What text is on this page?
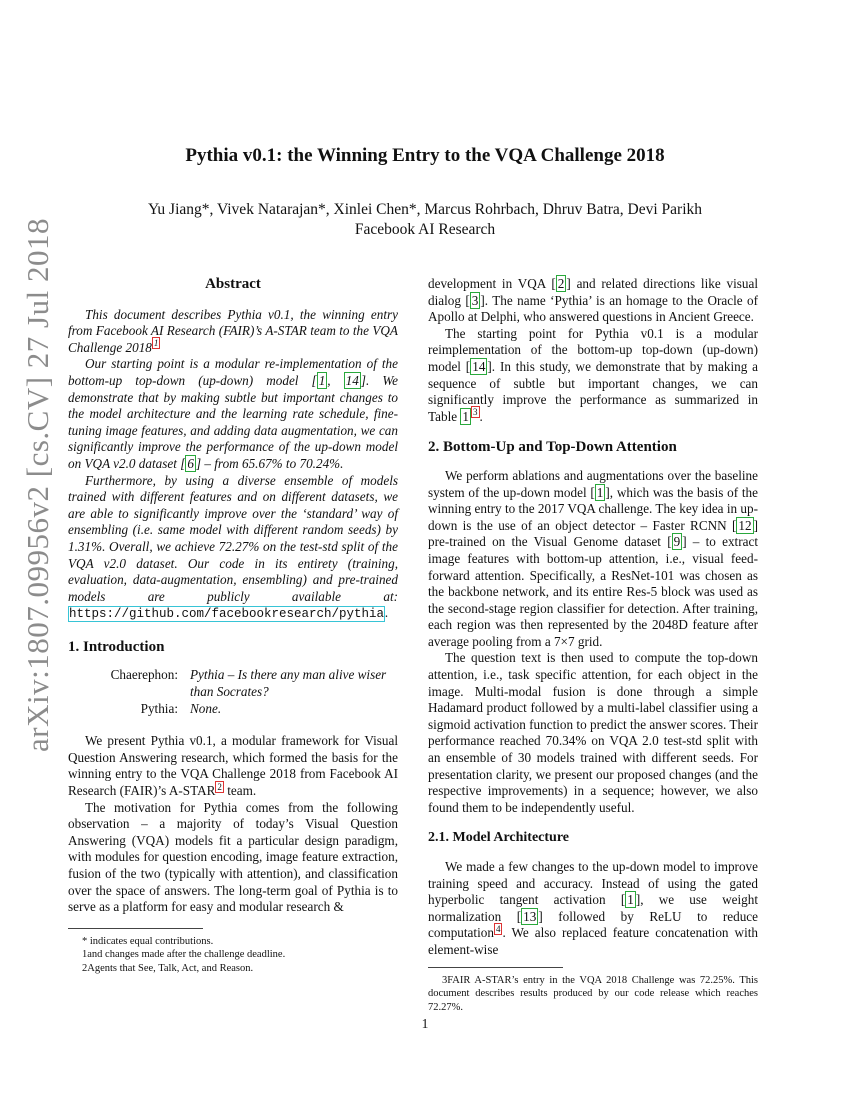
arXiv:1807.09956v2 [cs.CV] 27 Jul 2018
Pythia v0.1: the Winning Entry to the VQA Challenge 2018
Yu Jiang*, Vivek Natarajan*, Xinlei Chen*, Marcus Rohrbach, Dhruv Batra, Devi Parikh
Facebook AI Research
Abstract

This document describes Pythia v0.1, the winning entry from Facebook AI Research (FAIR)’s A-STAR team to the VQA Challenge 2018 $^1$

Our starting point is a modular re-implementation of the bottom-up top-down (up-down) model [ 1 , 14 ]. We demonstrate that by making subtle but important changes to the model architecture and the learning rate schedule, fine-tuning image features, and adding data augmentation, we can significantly improve the performance of the up-down model on VQA v2.0 dataset [ 6 ] – from 65.67% to 70.24%.

Furthermore, by using a diverse ensemble of models trained with different features and on different datasets, we are able to significantly improve over the ‘standard’ way of ensembling (i.e. same model with different random seeds) by 1.31%. Overall, we achieve 72.27% on the test-std split of the VQA v2.0 dataset. Our code in its entirety (training, evaluation, data-augmentation, ensembling) and pre-trained models are publicly available at: https://github.com/facebookresearch/pythia.

1. Introduction
Chaerephon: Pythia – Is there any man alive wiser than Socrates?
Pythia: None.

We present Pythia v0.1, a modular framework for Visual Question Answering research, which formed the basis for the winning entry to the VQA Challenge 2018 from Facebook AI Research (FAIR)’s A-STAR $^2$ team.

The motivation for Pythia comes from the following observation – a majority of today’s Visual Question Answering (VQA) models fit a particular design paradigm, with modules for question encoding, image feature extraction, fusion of the two (typically with attention), and classification over the space of answers. The long-term goal of Pythia is to serve as a platform for easy and modular research &

* indicates equal contributions.
1and changes made after the challenge deadline.
2Agents that See, Talk, Act, and Reason.

development in VQA [ 2 ] and related directions like visual dialog [ 3 ]. The name ‘Pythia’ is an homage to the Oracle of Apollo at Delphi, who answered questions in Ancient Greece.

The starting point for Pythia v0.1 is a modular reimplementation of the bottom-up top-down (up-down) model [ 14 ]. In this study, we demonstrate that by making a sequence of subtle but important changes, we can significantly improve the performance as summarized in Table 1 $^3$ .

2. Bottom-Up and Top-Down Attention

We perform ablations and augmentations over the baseline system of the up-down model [ 1 ], which was the basis of the winning entry to the 2017 VQA challenge. The key idea in up-down is the use of an object detector – Faster RCNN [ 12 ] pre-trained on the Visual Genome dataset [ 9 ] – to extract image features with bottom-up attention, i.e., visual feed-forward attention. Specifically, a ResNet-101 was chosen as the backbone network, and its entire Res-5 block was used as the second-stage region classifier for detection. After training, each region was then represented by the 2048D feature after average pooling from a 7×7 grid.

The question text is then used to compute the top-down attention, i.e., task specific attention, for each object in the image. Multi-modal fusion is done through a simple Hadamard product followed by a multi-label classifier using a sigmoid activation function to predict the answer scores. Their performance reached 70.34% on VQA 2.0 test-std split with an ensemble of 30 models trained with different seeds. For presentation clarity, we present our proposed changes (and the respective improvements) in a sequence; however, we also found them to be independently useful.

2.1. Model Architecture

We made a few changes to the up-down model to improve training speed and accuracy. Instead of using the gated hyperbolic tangent activation [ 1 ], we use weight normalization [ 13 ] followed by ReLU to reduce computation $^4$ . We also replaced feature concatenation with element-wise

3FAIR A-STAR’s entry in the VQA 2018 Challenge was 72.25%. This document describes results produced by our code release which reaches 72.27%.
1
